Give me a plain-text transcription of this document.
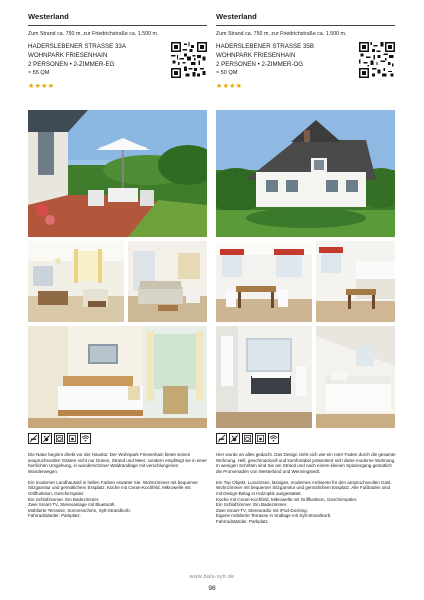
Westerland
Zum Strand ca. 750 m, zur Friedrichstraße ca. 1.500 m.
HADERSLEBENER STRASSE 33A
WOHNPARK FRIESENHAIN
2 PERSONEN • 2-ZIMMER-EG
≈ 55 QM
★★★★

Die Natur beginnt direkt vor der Haustür. Der Wohnpark Friesenhain bietet seinen anspruchsvollen Gästen nicht nur Dünen, Strand und Meer, sondern empfängt sie in einer herrlichen Umgebung, in wunderschöner Waldrandlage mit verschlungenen Wanderwegen.

Ein moderner Landhausstil in hellen Farben erwartet Sie: Wohnzimmer mit bequemer Sitzgarnitur und gemütlichem Essplatz. Küche mit Ceran-Kochfeld, Mikrowelle mit Grillfunktion, Geschirrspüler.
Ein Schlafzimmer. Ein Badezimmer.
Zwei Smart-TV, Stereoanlage mit Bluetooth.
Möblierte Terrasse, Sonnenschirm, Sylt-Strandkorb.
Fahrradständer. Parkplatz.

Westerland
Zum Strand ca. 750 m, zur Friedrichstraße ca. 1.500 m.
HADERSLEBENER STRASSE 35B
WOHNPARK FRIESENHAIN
2 PERSONEN • 2-ZIMMER-OG
≈ 50 QM
★★★★

Hier wurde an alles gedacht. Das Design zieht sich wie ein roter Faden durch die gesamte Wohnung. Hell, geschmackvoll und komfortabel präsentiert sich diese moderne Wohnung. In wenigen Schritten sind Sie am Strand und nach einem kleinen Spaziergang gemütlich die Promenaden von Westerland und Wenningstedt.

Ein Top Objekt. Luxuriöses, lässiges, modernes Ambiente für den anspruchsvollen Gast. Wohnzimmer mit bequemer Sitzgarnitur und gemütlichem Essplatz. Alle Fußböden sind mit Design-Belag in Holzoptik ausgestattet.
Küche mit Ceran-Kochfeld, Mikrowelle mit Grillfunktion, Geschirrspüler.
Ein Schlafzimmer. Ein Badezimmer.
Zwei Smart-TV, Stereoradio mit iPod-Docking.
Eigene möblierte Terrasse in Südlage mit Sylt-Strandkorb.
Fahrradständer. Parkplatz.

www.bals-sylt.de
98
